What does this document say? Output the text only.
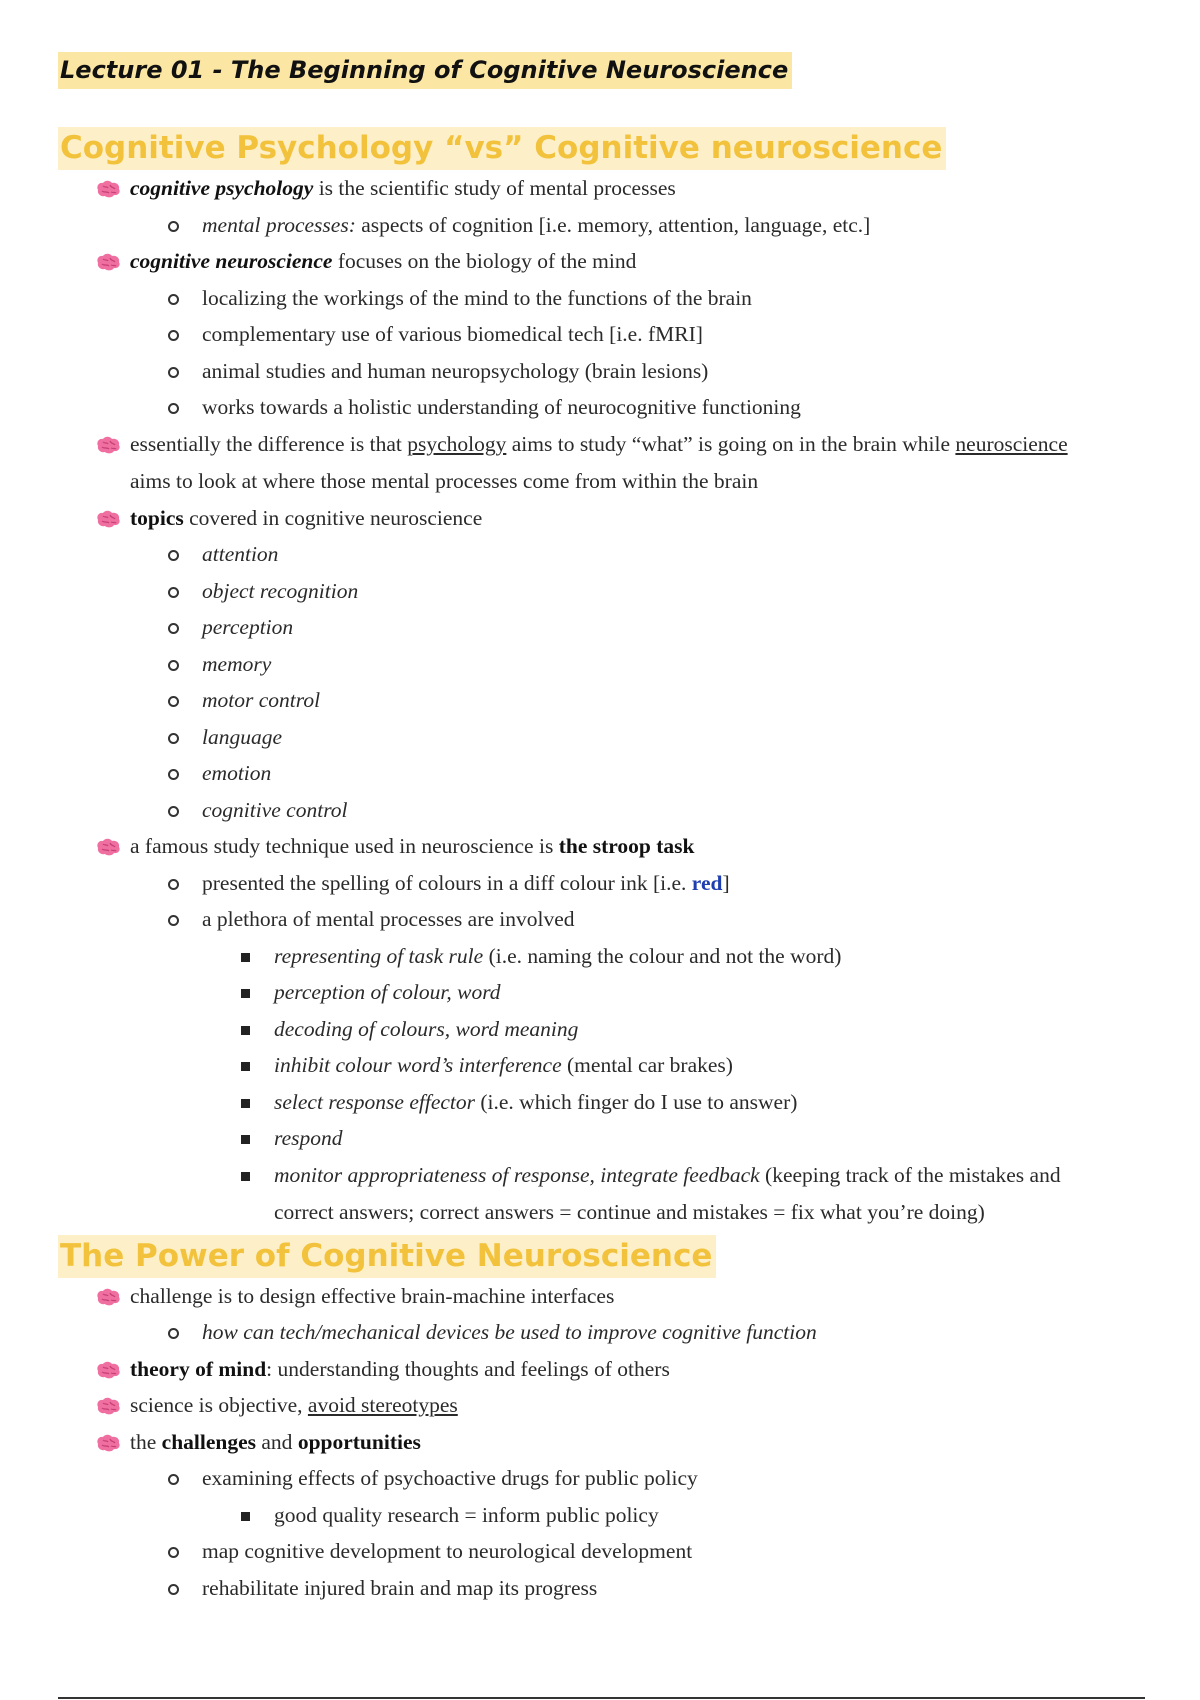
Lecture 01 - The Beginning of Cognitive Neuroscience
Cognitive Psychology “vs” Cognitive neuroscience
cognitive psychology is the scientific study of mental processes
mental processes: aspects of cognition [i.e. memory, attention, language, etc.]
cognitive neuroscience focuses on the biology of the mind
localizing the workings of the mind to the functions of the brain
complementary use of various biomedical tech [i.e. fMRI]
animal studies and human neuropsychology (brain lesions)
works towards a holistic understanding of neurocognitive functioning
essentially the difference is that psychology aims to study “what” is going on in the brain while neuroscience
aims to look at where those mental processes come from within the brain
topics covered in cognitive neuroscience
attention
object recognition
perception
memory
motor control
language
emotion
cognitive control
a famous study technique used in neuroscience is the stroop task
presented the spelling of colours in a diff colour ink [i.e. red]
a plethora of mental processes are involved
representing of task rule (i.e. naming the colour and not the word)
perception of colour, word
decoding of colours, word meaning
inhibit colour word’s interference (mental car brakes)
select response effector (i.e. which finger do I use to answer)
respond
monitor appropriateness of response, integrate feedback (keeping track of the mistakes and
correct answers; correct answers = continue and mistakes = fix what you’re doing)
The Power of Cognitive Neuroscience
challenge is to design effective brain-machine interfaces
how can tech/mechanical devices be used to improve cognitive function
theory of mind: understanding thoughts and feelings of others
science is objective, avoid stereotypes
the challenges and opportunities
examining effects of psychoactive drugs for public policy
good quality research = inform public policy
map cognitive development to neurological development
rehabilitate injured brain and map its progress
